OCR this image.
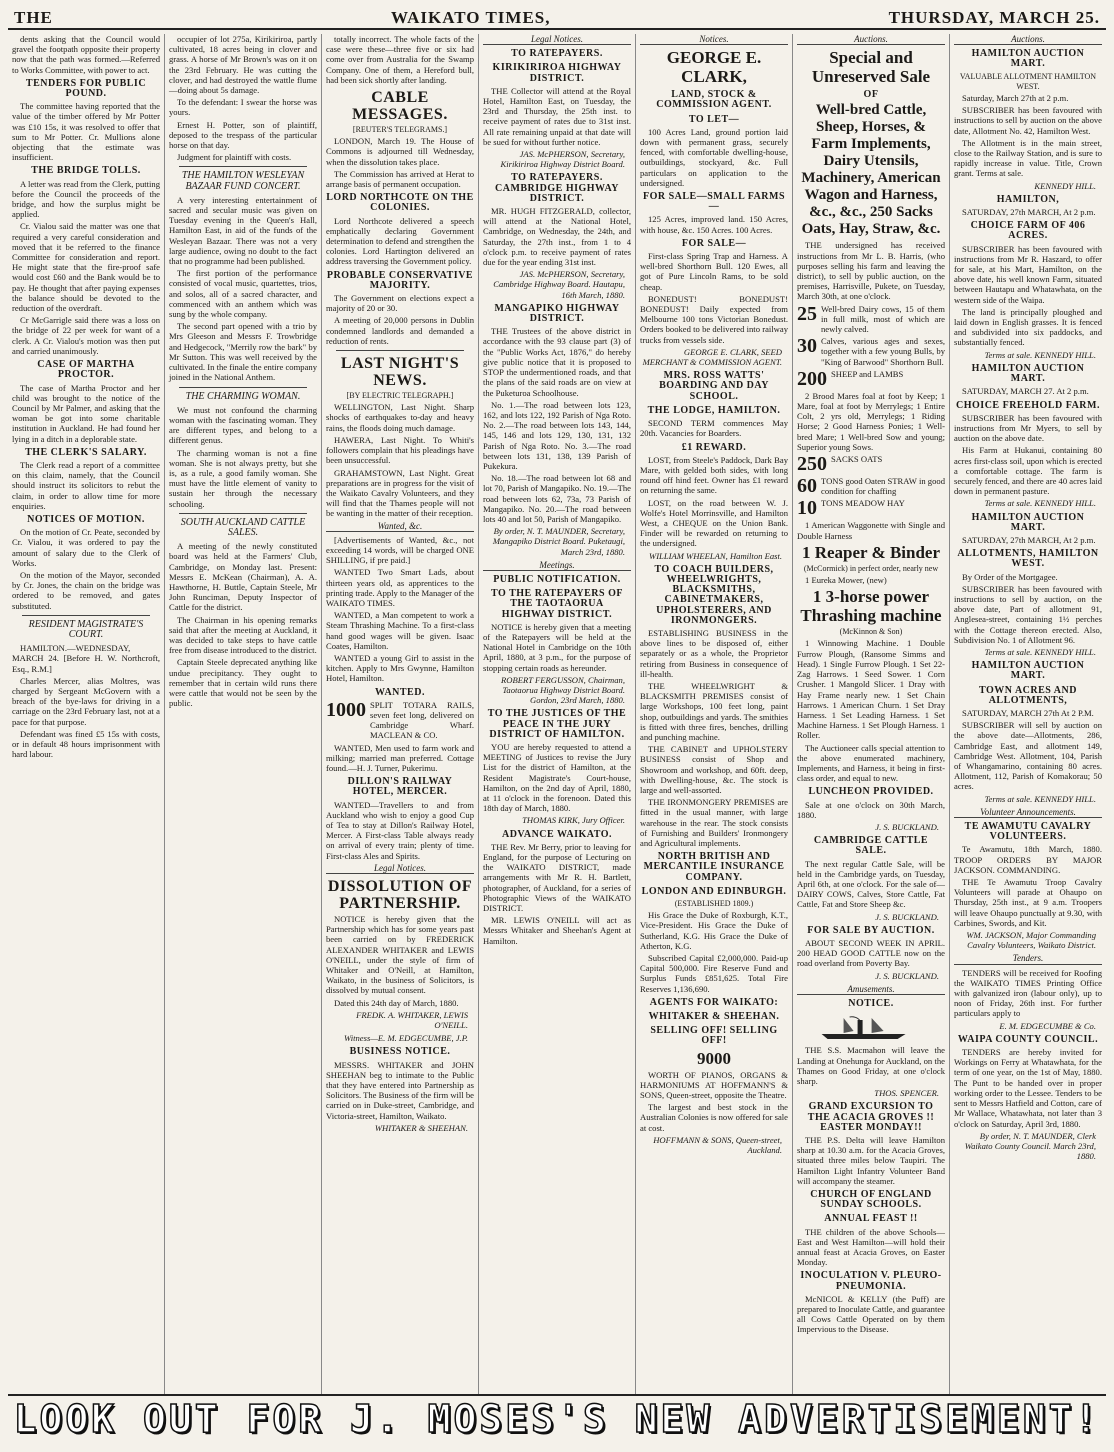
THE	WAIKATO TIMES,	THURSDAY, MARCH 25.

dents asking that the Council would gravel the footpath opposite their property now that the path was formed.—Referred to Works Committee, with power to act.

TENDERS FOR PUBLIC POUND.

The committee having reported that the value of the timber offered by Mr Potter was £10 15s, it was resolved to offer that sum to Mr Potter. Cr. Mullions alone objecting that the estimate was insufficient.

THE BRIDGE TOLLS.

A letter was read from the Clerk, putting before the Council the proceeds of the bridge, and how the surplus might be applied.

Cr. Vialou said the matter was one that required a very careful consideration and moved that it be referred to the finance Committee for consideration and report. He might state that the fire-proof safe would cost £60 and the Bank would be to pay. He thought that after paying expenses the balance should be devoted to the reduction of the overdraft.

Cr McGarrigle said there was a loss on the bridge of 22 per week for want of a clerk. A Cr. Vialou's motion was then put and carried unanimously.

CASE OF MARTHA PROCTOR.

The case of Martha Proctor and her child was brought to the notice of the Council by Mr Palmer, and asking that the woman be got into some charitable institution in Auckland. He had found her lying in a ditch in a deplorable state.

THE CLERK'S SALARY.

The Clerk read a report of a committee on this claim, namely, that the Council should instruct its solicitors to rebut the claim, in order to allow time for more enquiries.

NOTICES OF MOTION.

On the motion of Cr. Peate, seconded by Cr. Vialou, it was ordered to pay the amount of salary due to the Clerk of Works.

On the motion of the Mayor, seconded by Cr. Jones, the chain on the bridge was ordered to be removed, and gates substituted.

RESIDENT MAGISTRATE'S COURT.

HAMILTON.—WEDNESDAY, MARCH 24. [Before H. W. Northcroft, Esq., R.M.]

Charles Mercer, alias Moltres, was charged by Sergeant McGovern with a breach of the bye-laws for driving in a carriage on the 23rd February last, not at a pace for that purpose.

Defendant was fined £5 15s with costs, or in default 48 hours imprisonment with hard labour.

occupier of lot 275a, Kirikiriroa, partly cultivated, 18 acres being in clover and grass. A horse of Mr Brown's was on it on the 23rd February. He was cutting the clover, and had destroyed the wattle flume—doing about 5s damage.

To the defendant: I swear the horse was yours.

Ernest H. Potter, son of plaintiff, deposed to the trespass of the particular horse on that day.

Judgment for plaintiff with costs.

THE HAMILTON WESLEYAN BAZAAR FUND CONCERT.

A very interesting entertainment of sacred and secular music was given on Tuesday evening in the Queen's Hall, Hamilton East, in aid of the funds of the Wesleyan Bazaar. There was not a very large audience, owing no doubt to the fact that no programme had been published.

The first portion of the performance consisted of vocal music, quartettes, trios, and solos, all of a sacred character, and commenced with an anthem which was sung by the whole company.

The second part opened with a trio by Mrs Gleeson and Messrs F. Trowbridge and Hedgecock, "Merrily row the bark" by Mr Sutton. This was well received by the cultivated. In the finale the entire company joined in the National Anthem.

THE CHARMING WOMAN.

We must not confound the charming woman with the fascinating woman. They are different types, and belong to a different genus.

The charming woman is not a fine woman. She is not always pretty, but she is, as a rule, a good family woman. She must have the little element of vanity to sustain her through the necessary schooling.

SOUTH AUCKLAND CATTLE SALES.

A meeting of the newly constituted board was held at the Farmers' Club, Cambridge, on Monday last. Present: Messrs E. McKean (Chairman), A. A. Hawthorne, H. Buttle, Captain Steele, Mr John Runciman, Deputy Inspector of Cattle for the district.

The Chairman in his opening remarks said that after the meeting at Auckland, it was decided to take steps to have cattle free from disease introduced to the district.

Captain Steele deprecated anything like undue precipitancy. They ought to remember that in certain wild runs there were cattle that would not be seen by the public.

totally incorrect. The whole facts of the case were these—three five or six had come over from Australia for the Swamp Company. One of them, a Hereford bull, had been sick shortly after landing.

CABLE MESSAGES.
[REUTER'S TELEGRAMS.]

LONDON, March 19. The House of Commons is adjourned till Wednesday, when the dissolution takes place.

The Commission has arrived at Herat to arrange basis of permanent occupation.

LORD NORTHCOTE ON THE COLONIES.

Lord Northcote delivered a speech emphatically declaring Government determination to defend and strengthen the colonies. Lord Hartington delivered an address traversing the Government policy.

PROBABLE CONSERVATIVE MAJORITY.

The Government on elections expect a majority of 20 or 30.

A meeting of 20,000 persons in Dublin condemned landlords and demanded a reduction of rents.

LAST NIGHT'S NEWS.
[BY ELECTRIC TELEGRAPH.]

WELLINGTON, Last Night. Sharp shocks of earthquakes to-day and heavy rains, the floods doing much damage.

HAWERA, Last Night. To Whiti's followers complain that his pleadings have been unsuccessful.

GRAHAMSTOWN, Last Night. Great preparations are in progress for the visit of the Waikato Cavalry Volunteers, and they will find that the Thames people will not be wanting in the matter of their reception.

Wanted, &c.

[Advertisements of Wanted, &c., not exceeding 14 words, will be charged ONE SHILLING, if pre paid.]

WANTED Two Smart Lads, about thirteen years old, as apprentices to the printing trade. Apply to the Manager of the WAIKATO TIMES.

WANTED, a Man competent to work a Steam Thrashing Machine. To a first-class hand good wages will be given. Isaac Coates, Hamilton.

WANTED a young Girl to assist in the kitchen. Apply to Mrs Gwynne, Hamilton Hotel, Hamilton.

WANTED.
1000 SPLIT TOTARA RAILS, seven feet long, delivered on Cambridge Wharf. MACLEAN & CO.

WANTED, Men used to farm work and milking; married man preferred. Cottage found.—H. J. Turner, Pukerimu.

DILLON'S RAILWAY HOTEL, MERCER.

WANTED—Travellers to and from Auckland who wish to enjoy a good Cup of Tea to stay at Dillon's Railway Hotel, Mercer. A First-class Table always ready on arrival of every train; plenty of time. First-class Ales and Spirits.

Legal Notices.
DISSOLUTION OF PARTNERSHIP.

NOTICE is hereby given that the Partnership which has for some years past been carried on by FREDERICK ALEXANDER WHITAKER and LEWIS O'NEILL, under the style of firm of Whitaker and O'Neill, at Hamilton, Waikato, in the business of Solicitors, is dissolved by mutual consent.

Dated this 24th day of March, 1880.

FREDK. A. WHITAKER, LEWIS O'NEILL.
Witness—E. M. EDGECUMBE, J.P.
BUSINESS NOTICE.

MESSRS. WHITAKER and JOHN SHEEHAN beg to intimate to the Public that they have entered into Partnership as Solicitors. The Business of the firm will be carried on in Duke-street, Cambridge, and Victoria-street, Hamilton, Waikato.

WHITAKER & SHEEHAN.
Legal Notices.
TO RATEPAYERS.
KIRIKIRIROA HIGHWAY DISTRICT.

THE Collector will attend at the Royal Hotel, Hamilton East, on Tuesday, the 23rd and Thursday, the 25th inst. to receive payment of rates due to 31st inst. All rate remaining unpaid at that date will be sued for without further notice.

JAS. McPHERSON, Secretary, Kirikiriroa Highway District Board.
TO RATEPAYERS. CAMBRIDGE HIGHWAY DISTRICT.

MR. HUGH FITZGERALD, collector, will attend at the National Hotel, Cambridge, on Wednesday, the 24th, and Saturday, the 27th inst., from 1 to 4 o'clock p.m. to receive payment of rates due for the year ending 31st inst.

JAS. McPHERSON, Secretary, Cambridge Highway Board. Hautapu, 16th March, 1880.
MANGAPIKO HIGHWAY DISTRICT.

THE Trustees of the above district in accordance with the 93 clause part (3) of the "Public Works Act, 1876," do hereby give public notice that it is proposed to STOP the undermentioned roads, and that the plans of the said roads are on view at the Puketuroa Schoolhouse.

No. 1.—The road between lots 123, 162, and lots 122, 192 Parish of Nga Roto. No. 2.—The road between lots 143, 144, 145, 146 and lots 129, 130, 131, 132 Parish of Nga Roto. No. 3.—The road between lots 131, 138, 139 Parish of Pukekura.

No. 18.—The road between lot 68 and lot 70, Parish of Mangapiko. No. 19.—The road between lots 62, 73a, 73 Parish of Mangapiko. No. 20.—The road between lots 40 and lot 50, Parish of Mangapiko.

By order, N. T. MAUNDER, Secretary, Mangapiko District Board. Puketaugi, March 23rd, 1880.
Meetings.
PUBLIC NOTIFICATION.
TO THE RATEPAYERS OF THE TAOTAORUA HIGHWAY DISTRICT.

NOTICE is hereby given that a meeting of the Ratepayers will be held at the National Hotel in Cambridge on the 10th April, 1880, at 3 p.m., for the purpose of stopping certain roads as hereunder.

ROBERT FERGUSSON, Chairman, Taotaorua Highway District Board. Gordon, 23rd March, 1880.
TO THE JUSTICES OF THE PEACE IN THE JURY DISTRICT OF HAMILTON.

YOU are hereby requested to attend a MEETING of Justices to revise the Jury List for the district of Hamilton, at the Resident Magistrate's Court-house, Hamilton, on the 2nd day of April, 1880, at 11 o'clock in the forenoon. Dated this 18th day of March, 1880.

THOMAS KIRK, Jury Officer.
ADVANCE WAIKATO.

THE Rev. Mr Berry, prior to leaving for England, for the purpose of Lecturing on the WAIKATO DISTRICT, made arrangements with Mr R. H. Bartlett, photographer, of Auckland, for a series of Photographic Views of the WAIKATO DISTRICT.

MR. LEWIS O'NEILL will act as Messrs Whitaker and Sheehan's Agent at Hamilton.

Notices.
GEORGE E. CLARK,
LAND, STOCK & COMMISSION AGENT.
TO LET—

100 Acres Land, ground portion laid down with permanent grass, securely fenced, with comfortable dwelling-house, outbuildings, stockyard, &c. Full particulars on application to the undersigned.

FOR SALE—SMALL FARMS—

125 Acres, improved land. 150 Acres, with house, &c. 150 Acres. 100 Acres.

FOR SALE—

First-class Spring Trap and Harness. A well-bred Shorthorn Bull. 120 Ewes, all got of Pure Lincoln Rams, to be sold cheap.

BONEDUST! BONEDUST! BONEDUST! Daily expected from Melbourne 100 tons Victorian Bonedust. Orders booked to be delivered into railway trucks from vessels side.

GEORGE E. CLARK, SEED MERCHANT & COMMISSION AGENT.
MRS. ROSS WATTS' BOARDING AND DAY SCHOOL.
THE LODGE, HAMILTON.

SECOND TERM commences May 20th. Vacancies for Boarders.

£1 REWARD.

LOST, from Steele's Paddock, Dark Bay Mare, with gelded both sides, with long round off hind feet. Owner has £1 reward on returning the same.

LOST, on the road between W. J. Wolfe's Hotel Morrinsville, and Hamilton West, a CHEQUE on the Union Bank. Finder will be rewarded on returning to the undersigned.

WILLIAM WHEELAN, Hamilton East.
TO COACH BUILDERS, WHEELWRIGHTS, BLACKSMITHS, CABINETMAKERS, UPHOLSTERERS, AND IRONMONGERS.

ESTABLISHING BUSINESS in the above lines to be disposed of, either separately or as a whole, the Proprietor retiring from Business in consequence of ill-health.

THE WHEELWRIGHT & BLACKSMITH PREMISES consist of large Workshops, 100 feet long, paint shop, outbuildings and yards. The smithies is fitted with three fires, benches, drilling and punching machine.

THE CABINET and UPHOLSTERY BUSINESS consist of Shop and Showroom and workshop, and 60ft. deep, with Dwelling-house, &c. The stock is large and well-assorted.

THE IRONMONGERY PREMISES are fitted in the usual manner, with large warehouse in the rear. The stock consists of Furnishing and Builders' Ironmongery and Agricultural implements.

NORTH BRITISH AND MERCANTILE INSURANCE COMPANY.
LONDON AND EDINBURGH.
(ESTABLISHED 1809.)

His Grace the Duke of Roxburgh, K.T., Vice-President. His Grace the Duke of Sutherland, K.G. His Grace the Duke of Atherton, K.G.

Subscribed Capital £2,000,000. Paid-up Capital 500,000. Fire Reserve Fund and Surplus Funds £851,625. Total Fire Reserves 1,136,690.

AGENTS FOR WAIKATO:
WHITAKER & SHEEHAN.
SELLING OFF! SELLING OFF!
9000

WORTH OF PIANOS, ORGANS & HARMONIUMS AT HOFFMANN'S & SONS, Queen-street, opposite the Theatre.

The largest and best stock in the Australian Colonies is now offered for sale at cost.

HOFFMANN & SONS, Queen-street, Auckland.
Auctions.
Special and Unreserved Sale
OF
Well-bred Cattle, Sheep, Horses, & Farm Implements, Dairy Utensils, Machinery, American Wagon and Harness, &c., &c., 250 Sacks Oats, Hay, Straw, &c.

THE undersigned has received instructions from Mr L. B. Harris, (who purposes selling his farm and leaving the district), to sell by public auction, on the premises, Harrisville, Pukete, on Tuesday, March 30th, at one o'clock.

25 Well-bred Dairy cows, 15 of them in full milk, most of which are newly calved.
30 Calves, various ages and sexes, together with a few young Bulls, by "King of Barwood" Shorthorn Bull.
200 SHEEP and LAMBS

2 Brood Mares foal at foot by Keep; 1 Mare, foal at foot by Merrylegs; 1 Entire Colt, 2 yrs old, Merrylegs; 1 Riding Horse; 2 Good Harness Ponies; 1 Well-bred Mare; 1 Well-bred Sow and young; Superior young Sows.

250 SACKS OATS
60 TONS good Oaten STRAW in good condition for chaffing
10 TONS MEADOW HAY

1 American Waggonette with Single and Double Harness

1 Reaper & Binder
(McCormick) in perfect order, nearly new

1 Eureka Mower, (new)

1 3-horse power Thrashing machine
(McKinnon & Son)

1 Winnowing Machine. 1 Double Furrow Plough, (Ransome Simms and Head). 1 Single Furrow Plough. 1 Set 22-Zag Harrows. 1 Seed Sower. 1 Corn Crusher. 1 Mangold Slicer. 1 Dray with Hay Frame nearly new. 1 Set Chain Harrows. 1 American Churn. 1 Set Dray Harness. 1 Set Leading Harness. 1 Set Machine Harness. 1 Set Plough Harness. 1 Roller.

The Auctioneer calls special attention to the above enumerated machinery, Implements, and Harness, it being in first-class order, and equal to new.

LUNCHEON PROVIDED.

Sale at one o'clock on 30th March, 1880.

J. S. BUCKLAND.
CAMBRIDGE CATTLE SALE.

The next regular Cattle Sale, will be held in the Cambridge yards, on Tuesday, April 6th, at one o'clock. For the sale of—DAIRY COWS, Calves, Store Cattle, Fat Cattle, Fat and Store Sheep &c.

J. S. BUCKLAND.
FOR SALE BY AUCTION.

ABOUT SECOND WEEK IN APRIL. 200 HEAD GOOD CATTLE now on the road overland from Poverty Bay.

J. S. BUCKLAND.
Amusements.
NOTICE.

THE S.S. Macmahon will leave the Landing at Onehunga for Auckland, on the Thames on Good Friday, at one o'clock sharp.

THOS. SPENCER.
GRAND EXCURSION TO THE ACACIA GROVES !! EASTER MONDAY!!

THE P.S. Delta will leave Hamilton sharp at 10.30 a.m. for the Acacia Groves, situated three miles below Taupiri. The Hamilton Light Infantry Volunteer Band will accompany the steamer.

CHURCH OF ENGLAND SUNDAY SCHOOLS.
ANNUAL FEAST !!

THE children of the above Schools—East and West Hamilton—will hold their annual feast at Acacia Groves, on Easter Monday.

INOCULATION V. PLEURO-PNEUMONIA.

McNICOL & KELLY (the Puff) are prepared to Inoculate Cattle, and guarantee all Cows Cattle Operated on by them Impervious to the Disease.

Auctions.
HAMILTON AUCTION MART.
VALUABLE ALLOTMENT HAMILTON WEST.

Saturday, March 27th at 2 p.m.

SUBSCRIBER has been favoured with instructions to sell by auction on the above date, Allotment No. 42, Hamilton West.

The Allotment is in the main street, close to the Railway Station, and is sure to rapidly increase in value. Title, Crown grant. Terms at sale.

KENNEDY HILL.
HAMILTON,

SATURDAY, 27th MARCH, At 2 p.m.

CHOICE FARM OF 406 ACRES.

SUBSCRIBER has been favoured with instructions from Mr R. Haszard, to offer for sale, at his Mart, Hamilton, on the above date, his well known Farm, situated between Hautapu and Whatawhata, on the western side of the Waipa.

The land is principally ploughed and laid down in English grasses. It is fenced and subdivided into six paddocks, and substantially fenced.

Terms at sale. KENNEDY HILL.
HAMILTON AUCTION MART.

SATURDAY, MARCH 27. At 2 p.m.

CHOICE FREEHOLD FARM.

SUBSCRIBER has been favoured with instructions from Mr Myers, to sell by auction on the above date.

His Farm at Hukanui, containing 80 acres first-class soil, upon which is erected a comfortable cottage. The farm is securely fenced, and there are 40 acres laid down in permanent pasture.

Terms at sale. KENNEDY HILL.
HAMILTON AUCTION MART.

SATURDAY, 27th MARCH, At 2 p.m.

ALLOTMENTS, HAMILTON WEST.

By Order of the Mortgagee.

SUBSCRIBER has been favoured with instructions to sell by auction, on the above date, Part of allotment 91, Anglesea-street, containing 1½ perches with the Cottage thereon erected. Also, Subdivision No. 1 of Allotment 96.

Terms at sale. KENNEDY HILL.
HAMILTON AUCTION MART.
TOWN ACRES AND ALLOTMENTS,

SATURDAY, MARCH 27th At 2 P.M.

SUBSCRIBER will sell by auction on the above date—Allotments, 286, Cambridge East, and allotment 149, Cambridge West. Allotment, 104, Parish of Whangamarino, containing 80 acres. Allotment, 112, Parish of Komakorau; 50 acres.

Terms at sale. KENNEDY HILL.
Volunteer Announcements.
TE AWAMUTU CAVALRY VOLUNTEERS.

Te Awamutu, 18th March, 1880. TROOP ORDERS BY MAJOR JACKSON. COMMANDING.

THE Te Awamutu Troop Cavalry Volunteers will parade at Ohaupo on Thursday, 25th inst., at 9 a.m. Troopers will leave Ohaupo punctually at 9.30, with Carbines, Swords, and Kit.

WM. JACKSON, Major Commanding Cavalry Volunteers, Waikato District.
Tenders.

TENDERS will be received for Roofing the WAIKATO TIMES Printing Office with galvanized iron (labour only), up to noon of Friday, 26th inst. For further particulars apply to

E. M. EDGECUMBE & Co.
WAIPA COUNTY COUNCIL.

TENDERS are hereby invited for Workings on Ferry at Whatawhata, for the term of one year, on the 1st of May, 1880. The Punt to be handed over in proper working order to the Lessee. Tenders to be sent to Messrs Hatfield and Cotton, care of Mr Wallace, Whatawhata, not later than 3 o'clock on Saturday, April 3rd, 1880.

By order, N. T. MAUNDER, Clerk Waikato County Council. March 23rd, 1880.
LOOK OUT FOR J. MOSES'S NEW ADVERTISEMENT!
